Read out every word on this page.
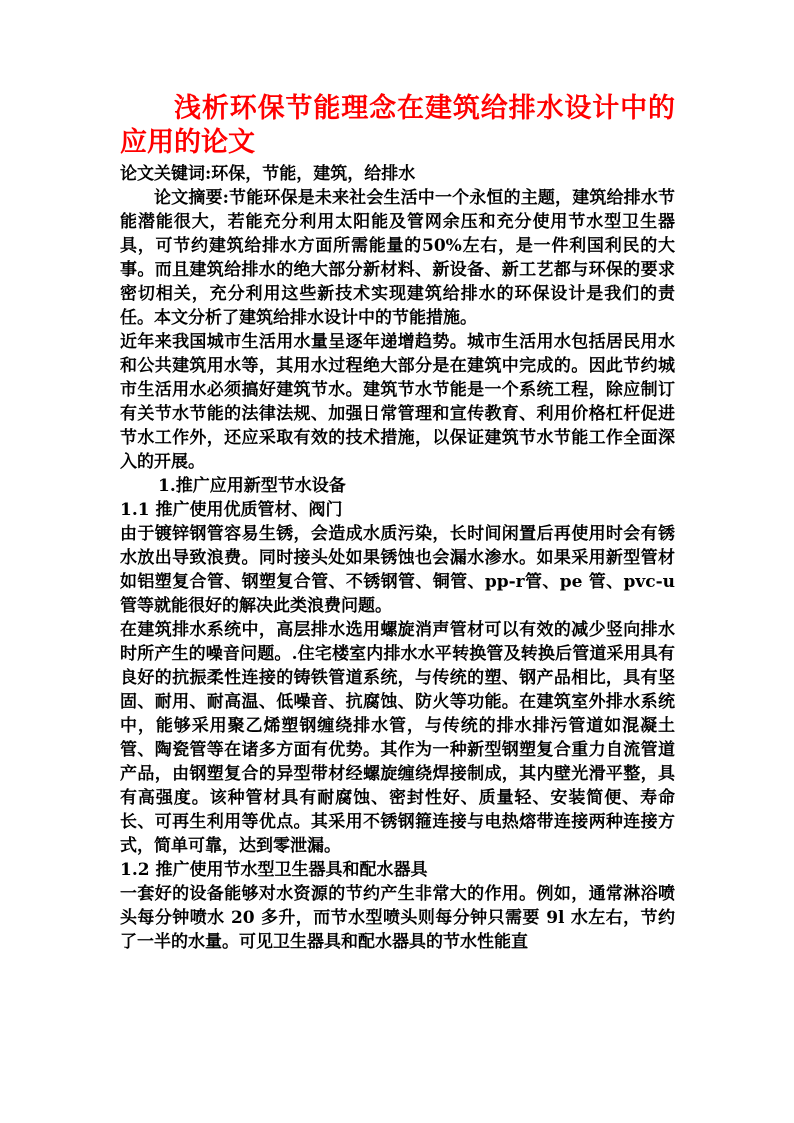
浅析环保节能理念在建筑给排水设计中的应用的论文

论文关键词:环保，节能，建筑，给排水

论文摘要:节能环保是未来社会生活中一个永恒的主题，建筑给排水节能潜能很大，若能充分利用太阳能及管网余压和充分使用节水型卫生器具，可节约建筑给排水方面所需能量的50%左右，是一件利国利民的大事。而且建筑给排水的绝大部分新材料、新设备、新工艺都与环保的要求密切相关，充分利用这些新技术实现建筑给排水的环保设计是我们的责任。本文分析了建筑给排水设计中的节能措施。

近年来我国城市生活用水量呈逐年递增趋势。城市生活用水包括居民用水和公共建筑用水等，其用水过程绝大部分是在建筑中完成的。因此节约城市生活用水必须搞好建筑节水。建筑节水节能是一个系统工程，除应制订有关节水节能的法律法规、加强日常管理和宣传教育、利用价格杠杆促进节水工作外，还应采取有效的技术措施，以保证建筑节水节能工作全面深入的开展。

1.推广应用新型节水设备

1.1 推广使用优质管材、阀门

由于镀锌钢管容易生锈，会造成水质污染，长时间闲置后再使用时会有锈水放出导致浪费。同时接头处如果锈蚀也会漏水渗水。如果采用新型管材如铝塑复合管、钢塑复合管、不锈钢管、铜管、pp-r管、pe 管、pvc-u 管等就能很好的解决此类浪费问题。

在建筑排水系统中，高层排水选用螺旋消声管材可以有效的减少竖向排水时所产生的噪音问题。.住宅楼室内排水水平转换管及转换后管道采用具有良好的抗振柔性连接的铸铁管道系统，与传统的塑、钢产品相比，具有坚固、耐用、耐高温、低噪音、抗腐蚀、防火等功能。在建筑室外排水系统中，能够采用聚乙烯塑钢缠绕排水管，与传统的排水排污管道如混凝土管、陶瓷管等在诸多方面有优势。其作为一种新型钢塑复合重力自流管道产品，由钢塑复合的异型带材经螺旋缠绕焊接制成，其内壁光滑平整，具有高强度。该种管材具有耐腐蚀、密封性好、质量轻、安装简便、寿命长、可再生利用等优点。其采用不锈钢箍连接与电热熔带连接两种连接方式，简单可靠，达到零泄漏。

1.2 推广使用节水型卫生器具和配水器具

一套好的设备能够对水资源的节约产生非常大的作用。例如，通常淋浴喷头每分钟喷水 20 多升，而节水型喷头则每分钟只需要 9l 水左右，节约了一半的水量。可见卫生器具和配水器具的节水性能直
